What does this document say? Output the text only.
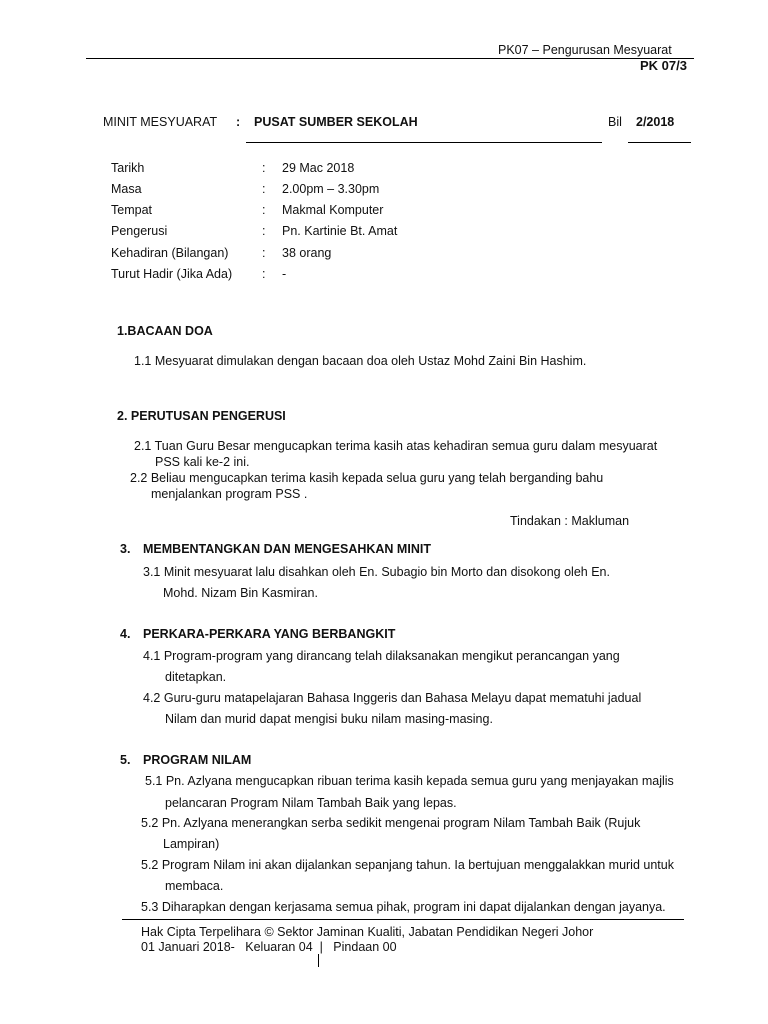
PK07 – Pengurusan Mesyuarat
PK 07/3
MINIT MESYUARAT : PUSAT SUMBER SEKOLAH	Bil 2/2018
Tarikh	: 29 Mac 2018
Masa	: 2.00pm – 3.30pm
Tempat	: Makmal Komputer
Pengerusi	: Pn. Kartinie Bt. Amat
Kehadiran (Bilangan)	: 38 orang
Turut Hadir (Jika Ada) : -
1.BACAAN DOA
1.1 Mesyuarat dimulakan dengan bacaan doa oleh Ustaz Mohd Zaini Bin Hashim.
2. PERUTUSAN PENGERUSI
2.1 Tuan Guru Besar mengucapkan terima kasih atas kehadiran semua guru dalam mesyuarat
PSS kali ke-2 ini.
2.2 Beliau mengucapkan terima kasih kepada selua guru yang telah berganding bahu
menjalankan program PSS .
Tindakan : Makluman
3. MEMBENTANGKAN DAN MENGESAHKAN MINIT
3.1 Minit mesyuarat lalu disahkan oleh En. Subagio bin Morto dan disokong oleh En.
Mohd. Nizam Bin Kasmiran.
4. PERKARA-PERKARA YANG BERBANGKIT
4.1 Program-program yang dirancang telah dilaksanakan mengikut perancangan yang
ditetapkan.
4.2 Guru-guru matapelajaran Bahasa Inggeris dan Bahasa Melayu dapat mematuhi jadual
Nilam dan murid dapat mengisi buku nilam masing-masing.
5. PROGRAM NILAM
5.1 Pn. Azlyana mengucapkan ribuan terima kasih kepada semua guru yang menjayakan majlis
pelancaran Program Nilam Tambah Baik yang lepas.
5.2 Pn. Azlyana menerangkan serba sedikit mengenai program Nilam Tambah Baik (Rujuk
Lampiran)
5.2 Program Nilam ini akan dijalankan sepanjang tahun. Ia bertujuan menggalakkan murid untuk
membaca.
5.3 Diharapkan dengan kerjasama semua pihak, program ini dapat dijalankan dengan jayanya.
Hak Cipta Terpelihara © Sektor Jaminan Kualiti, Jabatan Pendidikan Negeri Johor
01 Januari 2018- Keluaran 04 | Pindaan 00
